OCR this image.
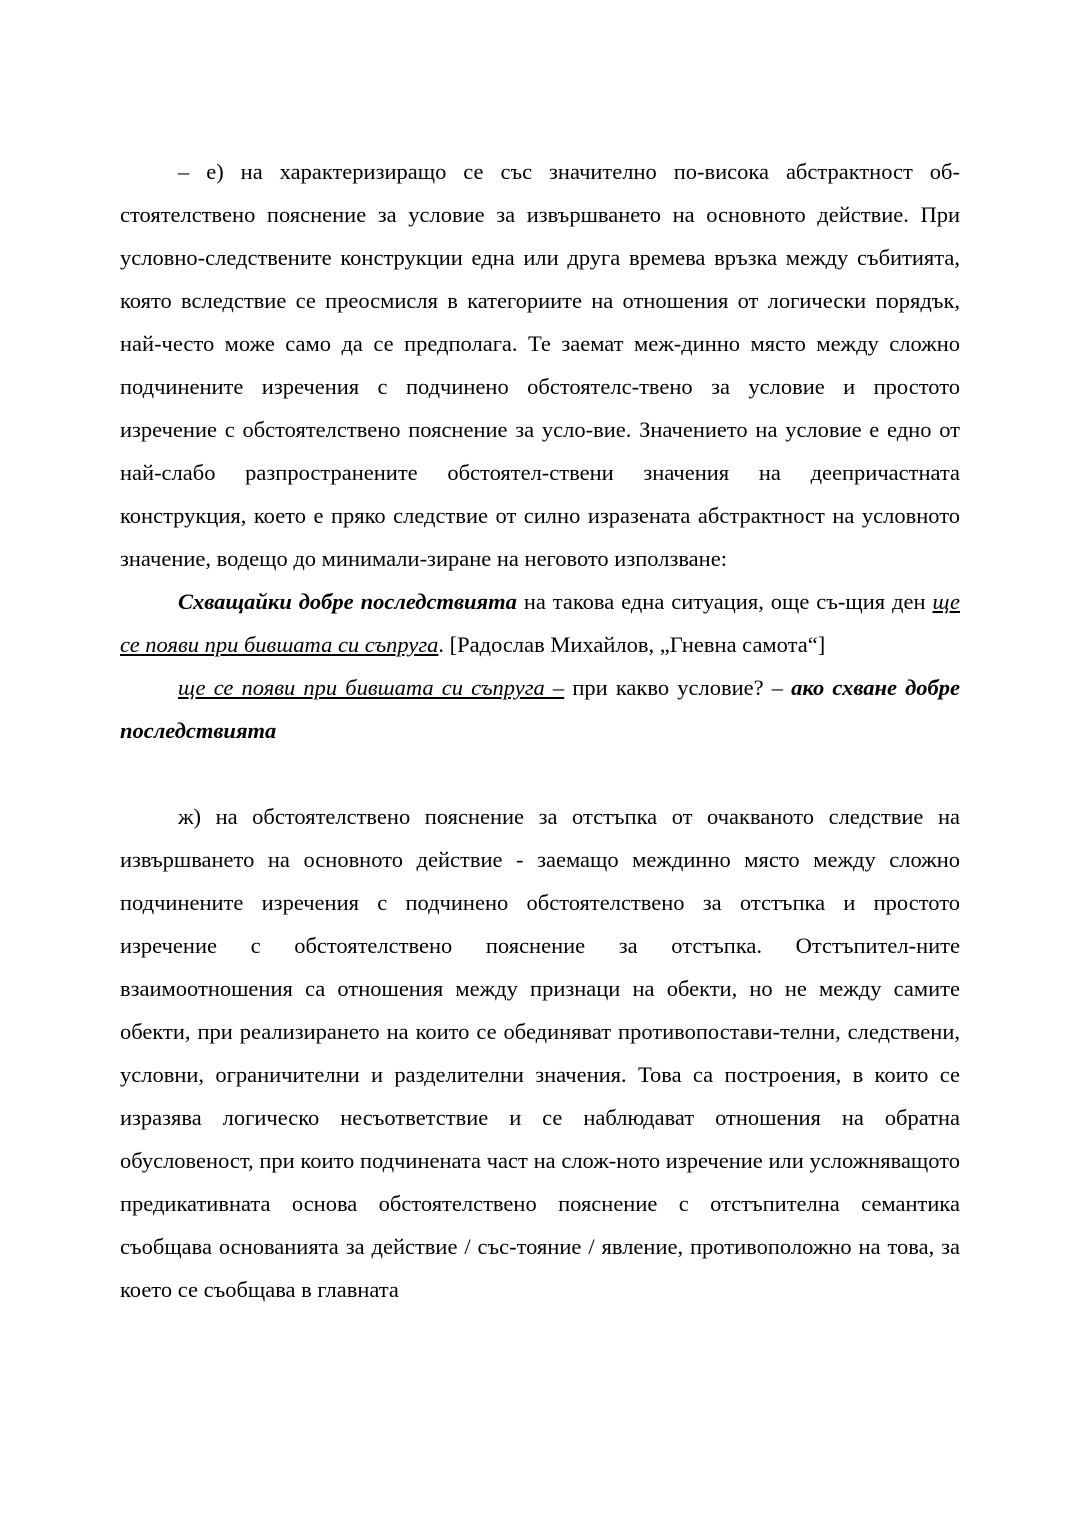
– е) на характеризиращо се със значително по-висока абстрактност об-стоятелствено пояснение за условие за извършването на основното действие. При условно-следствените конструкции една или друга времева връзка между събитията, която вследствие се преосмисля в категориите на отношения от логически порядък, най-често може само да се предполага. Те заемат меж-динно място между сложно подчинените изречения с подчинено обстоятелс-твено за условие и простото изречение с обстоятелствено пояснение за усло-вие. Значението на условие е едно от най-слабо разпространените обстоятел-ствени значения на деепричастната конструкция, което е пряко следствие от силно изразената абстрактност на условното значение, водещо до минимали-зиране на неговото използване:

Схващайки добре последствията на такова една ситуация, още съ-щия ден ще се появи при бившата си съпруга. [Радослав Михайлов, „Гневна самота“]

ще се появи при бившата си съпруга – при какво условие? – ако схване добре последствията

ж) на обстоятелствено пояснение за отстъпка от очакваното следствие на извършването на основното действие - заемащо междинно място между сложно подчинените изречения с подчинено обстоятелствено за отстъпка и простото изречение с обстоятелствено пояснение за отстъпка. Отстъпител-ните взаимоотношения са отношения между признаци на обекти, но не между самите обекти, при реализирането на които се обединяват противопостави-телни, следствени, условни, ограничителни и разделителни значения. Това са построения, в които се изразява логическо несъответствие и се наблюдават отношения на обратна обусловеност, при които подчинената част на слож-ното изречение или усложняващото предикативната основа обстоятелствено пояснение с отстъпителна семантика съобщава основанията за действие / със-тояние / явление, противоположно на това, за което се съобщава в главната
